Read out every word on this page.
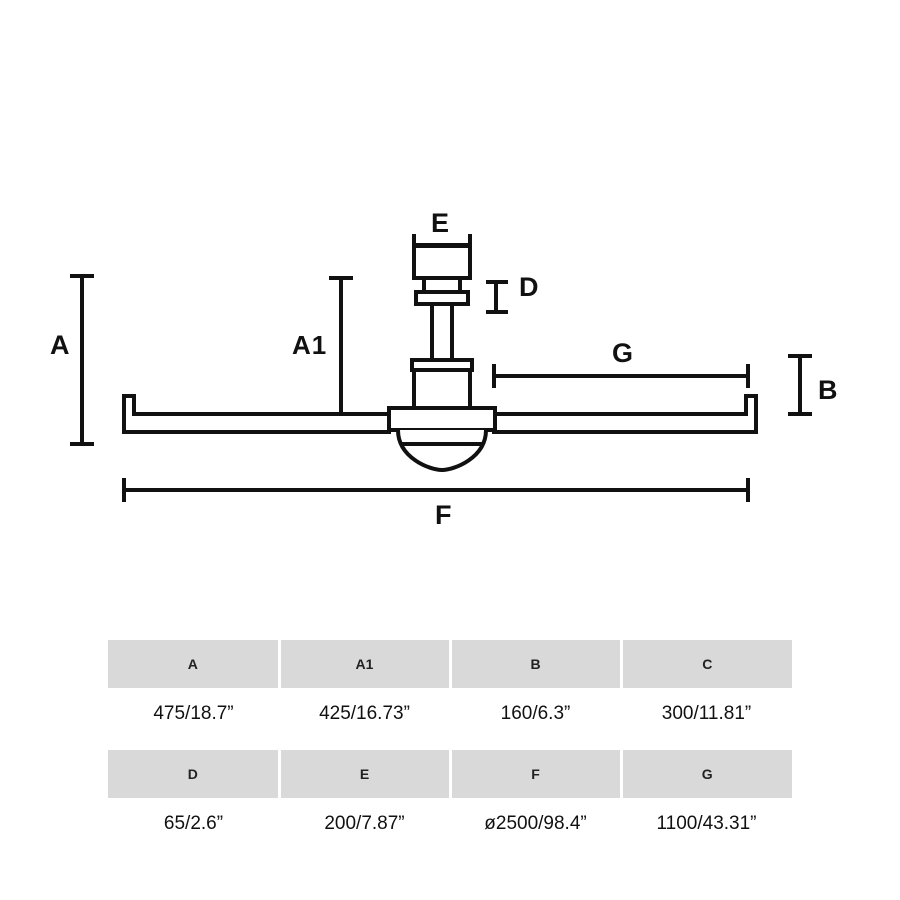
A	A1
B
D
E
F
G
A	A1	B	C
475/18.7”	425/16.73”	160/6.3”	300/11.81”

D	E	F	G
65/2.6”	200/7.87”	ø2500/98.4”	1100/43.31”
